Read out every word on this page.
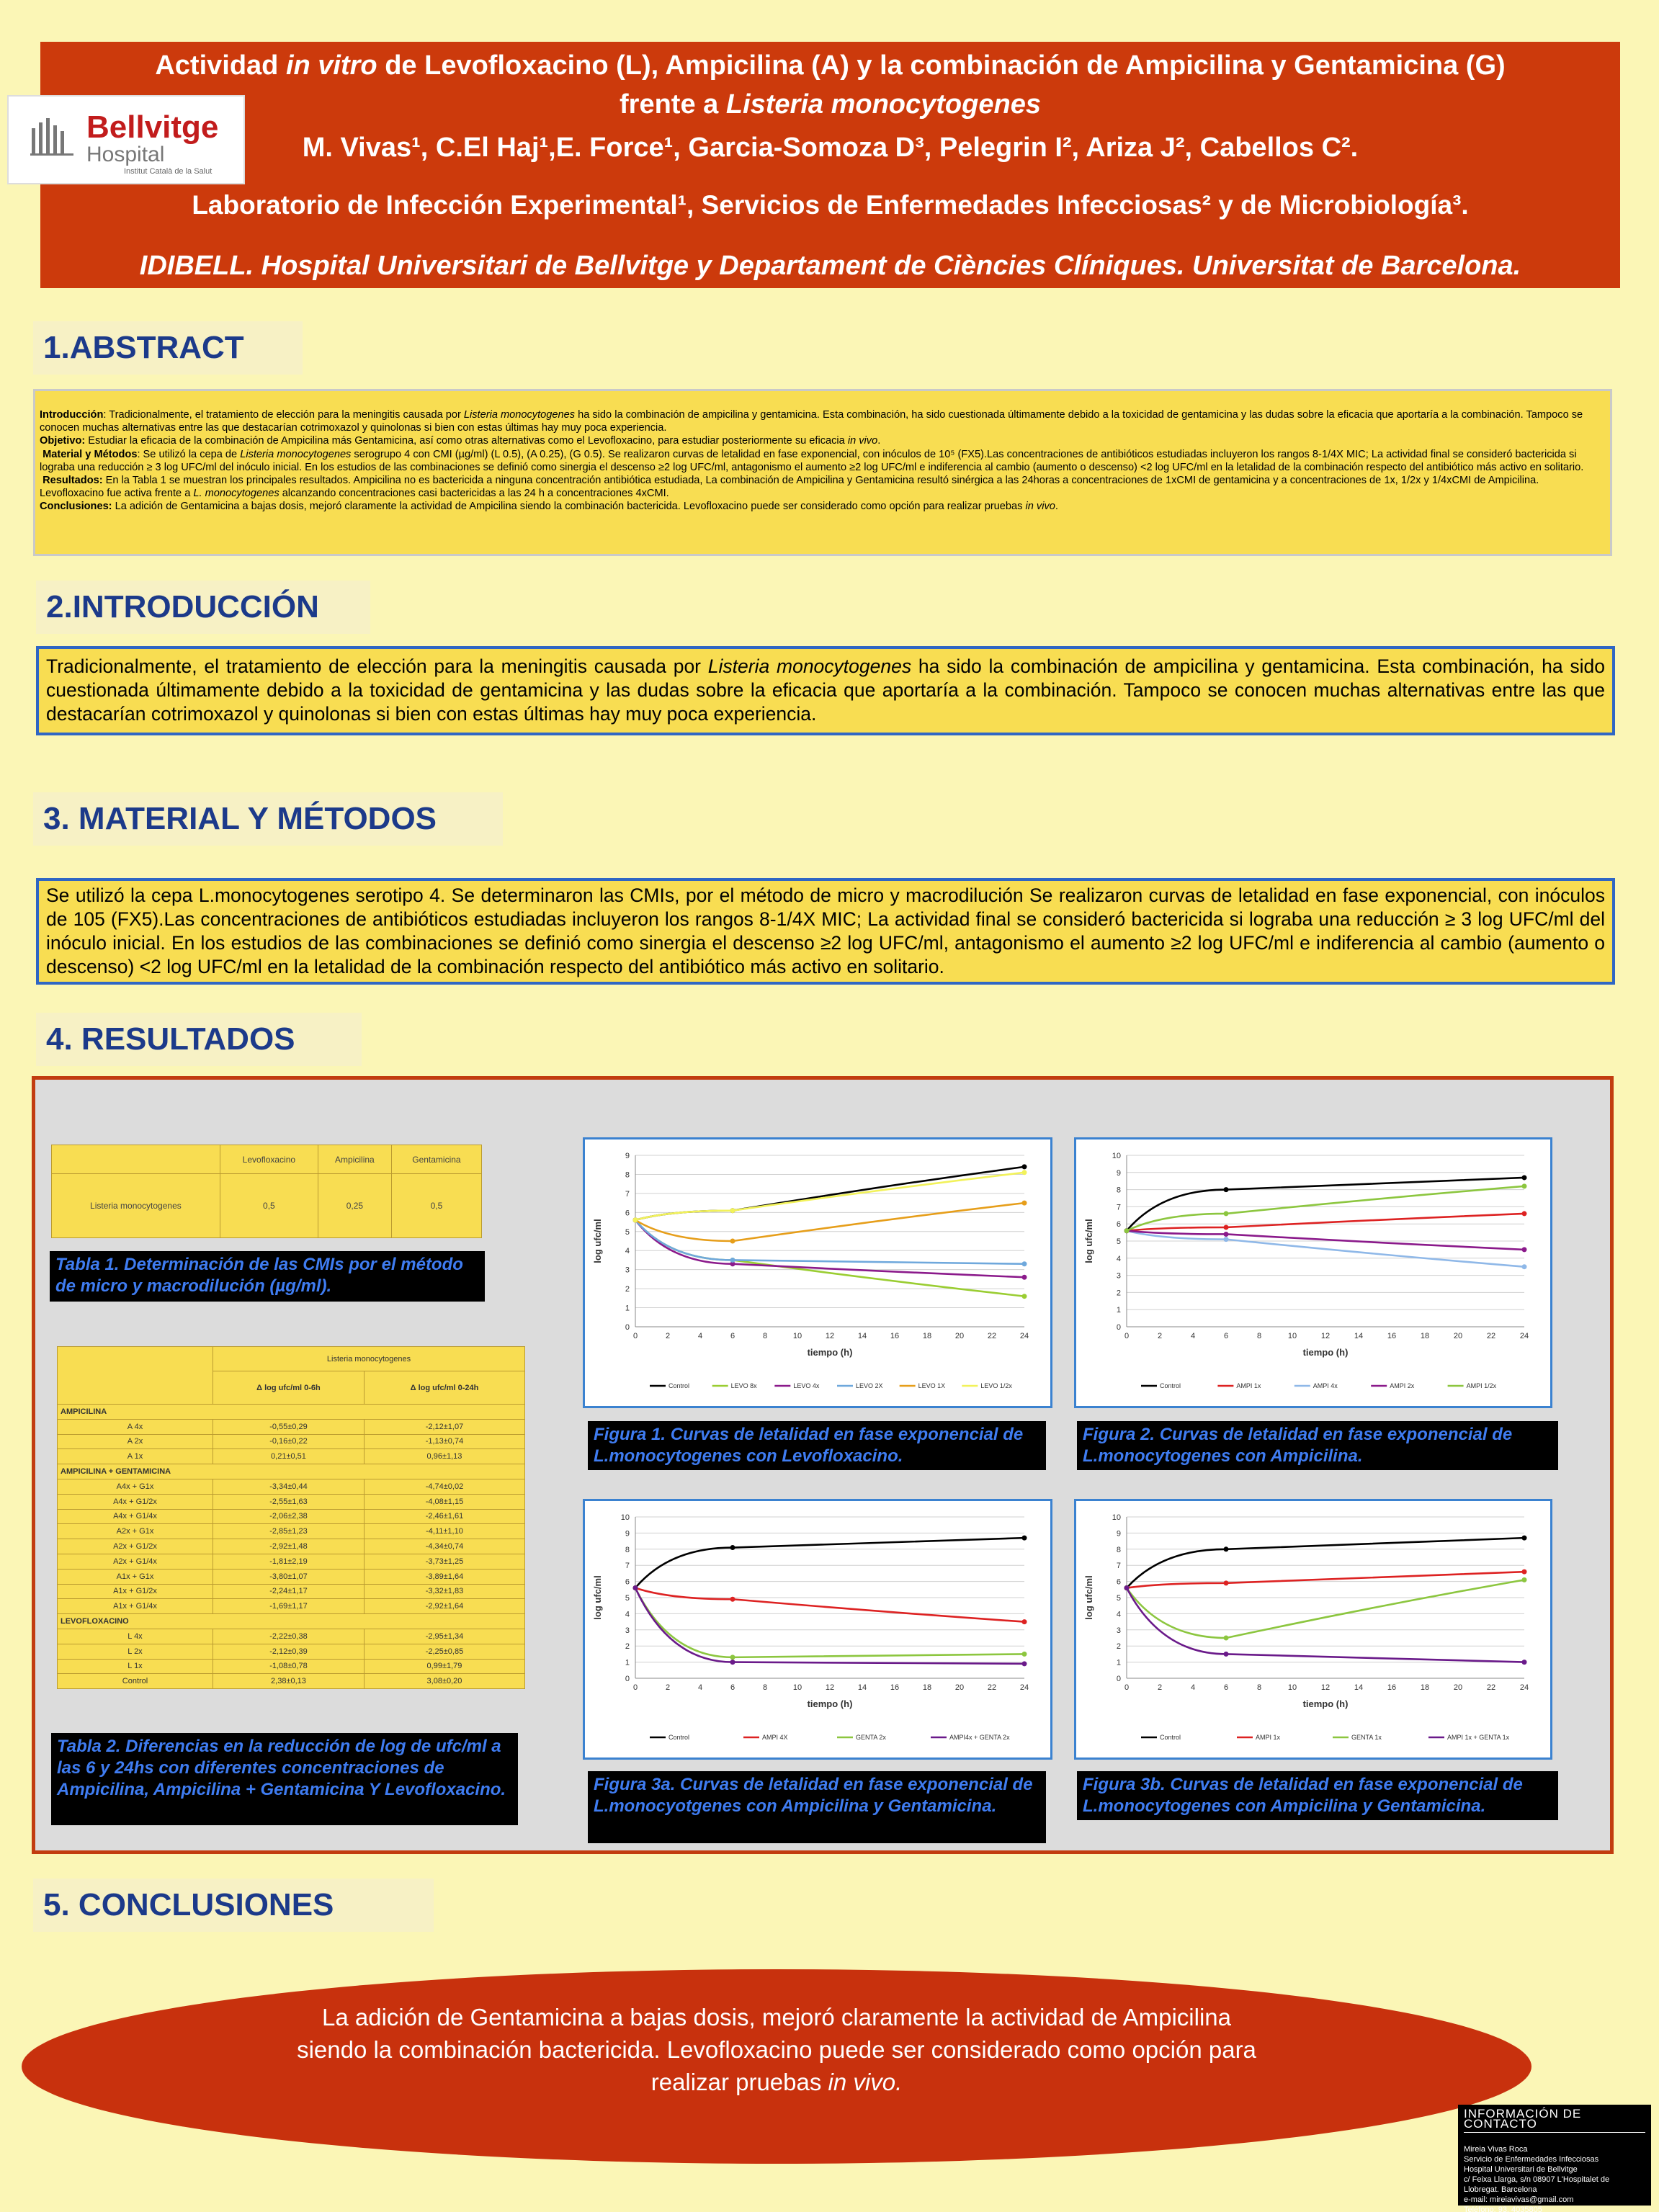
Actividad in vitro de Levofloxacino (L), Ampicilina (A) y la combinación de Ampicilina y Gentamicina (G)
frente a Listeria monocytogenes
M. Vivas¹, C.El Haj¹,E. Force¹, Garcia-Somoza D³, Pelegrin I², Ariza J², Cabellos C².
Laboratorio de Infección Experimental¹, Servicios de Enfermedades Infecciosas² y de Microbiología³.
IDIBELL. Hospital Universitari de Bellvitge y Departament de Ciències Clíniques. Universitat de Barcelona.
Bellvitge
Hospital
Institut Català de la Salut
1.ABSTRACT

Introducción: Tradicionalmente, el tratamiento de elección para la meningitis causada por Listeria monocytogenes ha sido la combinación de ampicilina y gentamicina. Esta combinación, ha sido cuestionada últimamente debido a la toxicidad de gentamicina y las dudas sobre la eficacia que aportaría a la combinación. Tampoco se conocen muchas alternativas entre las que destacarían cotrimoxazol y quinolonas si bien con estas últimas hay muy poca experiencia.

Objetivo: Estudiar la eficacia de la combinación de Ampicilina más Gentamicina, así como otras alternativas como el Levofloxacino, para estudiar posteriormente su eficacia in vivo.

Material y Métodos: Se utilizó la cepa de Listeria monocytogenes serogrupo 4 con CMI (µg/ml) (L 0.5), (A 0.25), (G 0.5). Se realizaron curvas de letalidad en fase exponencial, con inóculos de 10⁵ (FX5).Las concentraciones de antibióticos estudiadas incluyeron los rangos 8-1/4X MIC; La actividad final se consideró bactericida si lograba una reducción ≥ 3 log UFC/ml del inóculo inicial. En los estudios de las combinaciones se definió como sinergia el descenso ≥2 log UFC/ml, antagonismo el aumento ≥2 log UFC/ml e indiferencia al cambio (aumento o descenso) <2 log UFC/ml en la letalidad de la combinación respecto del antibiótico más activo en solitario.

Resultados: En la Tabla 1 se muestran los principales resultados. Ampicilina no es bactericida a ninguna concentración antibiótica estudiada, La combinación de Ampicilina y Gentamicina resultó sinérgica a las 24horas a concentraciones de 1xCMI de gentamicina y a concentraciones de 1x, 1/2x y 1/4xCMI de Ampicilina. Levofloxacino fue activa frente a L. monocytogenes alcanzando concentraciones casi bactericidas a las 24 h a concentraciones 4xCMI.

Conclusiones: La adición de Gentamicina a bajas dosis, mejoró claramente la actividad de Ampicilina siendo la combinación bactericida. Levofloxacino puede ser considerado como opción para realizar pruebas in vivo.

2.INTRODUCCIÓN
Tradicionalmente, el tratamiento de elección para la meningitis causada por Listeria monocytogenes ha sido la combinación de ampicilina y gentamicina. Esta combinación, ha sido cuestionada últimamente debido a la toxicidad de gentamicina y las dudas sobre la eficacia que aportaría a la combinación. Tampoco se conocen muchas alternativas entre las que destacarían cotrimoxazol y quinolonas si bien con estas últimas hay muy poca experiencia.
3. MATERIAL Y MÉTODOS
Se utilizó la cepa L.monocytogenes serotipo 4. Se determinaron las CMIs, por el método de micro y macrodilución Se realizaron curvas de letalidad en fase exponencial, con inóculos de 105 (FX5).Las concentraciones de antibióticos estudiadas incluyeron los rangos 8-1/4X MIC; La actividad final se consideró bactericida si lograba una reducción ≥ 3 log UFC/ml del inóculo inicial. En los estudios de las combinaciones se definió como sinergia el descenso ≥2 log UFC/ml, antagonismo el aumento ≥2 log UFC/ml e indiferencia al cambio (aumento o descenso) <2 log UFC/ml en la letalidad de la combinación respecto del antibiótico más activo en solitario.
4. RESULTADOS
	Levofloxacino	Ampicilina	Gentamicina
Listeria monocytogenes	0,5	0,25	0,5
Tabla 1. Determinación de las CMIs por el método de micro y macrodilución (µg/ml).
	Listeria monocytogenes	
	Δ log ufc/ml 0-6h	Δ log ufc/ml 0-24h
AMPICILINA		
A 4x	-0,55±0,29	-2,12±1,07
A 2x	-0,16±0,22	-1,13±0,74
A 1x	0,21±0,51	0,96±1,13
AMPICILINA + GENTAMICINA		
A4x + G1x	-3,34±0,44	-4,74±0,02
A4x + G1/2x	-2,55±1,63	-4,08±1,15
A4x + G1/4x	-2,06±2,38	-2,46±1,61
A2x + G1x	-2,85±1,23	-4,11±1,10
A2x + G1/2x	-2,92±1,48	-4,34±0,74
A2x + G1/4x	-1,81±2,19	-3,73±1,25
A1x + G1x	-3,80±1,07	-3,89±1,64
A1x + G1/2x	-2,24±1,17	-3,32±1,83
A1x + G1/4x	-1,69±1,17	-2,92±1,64
LEVOFLOXACINO		
L 4x	-2,22±0,38	-2,95±1,34
L 2x	-2,12±0,39	-2,25±0,85
L 1x	-1,08±0,78	0,99±1,79
Control	2,38±0,13	3,08±0,20
Tabla 2. Diferencias en la reducción de log de ufc/ml a las 6 y 24hs con diferentes concentraciones de Ampicilina, Ampicilina + Gentamicina Y Levofloxacino.
0
1
2
3
4
5
6
7
8
9
0	2	4	6	8	10	12	14	16	18	20	22	24
tiempo (h)
log ufc/ml
Control	LEVO 8x	LEVO 4x	LEVO 2X	LEVO 1X	LEVO 1/2x
0
1
2
3
4
5
6
7
8
9
10
0	2	4	6	8	10	12	14	16	18	20	22	24
tiempo (h)
log ufc/ml
Control	AMPI 1x	AMPI 4x	AMPI 2x	AMPI 1/2x
0
1
2
3
4
5
6
7
8
9
10
0	2	4	6	8	10	12	14	16	18	20	22	24
tiempo (h)
log ufc/ml
Control	AMPI 4X	GENTA 2x	AMPI4x + GENTA 2x
0
1
2
3
4
5
6
7
8
9
10
0	2	4	6	8	10	12	14	16	18	20	22	24
tiempo (h)
log ufc/ml
Control	AMPI 1x	GENTA 1x	AMPI 1x + GENTA 1x
Figura 1. Curvas de letalidad en fase exponencial de L.monocytogenes con Levofloxacino.
Figura 2. Curvas de letalidad en fase exponencial de L.monocytogenes con Ampicilina.
Figura 3a. Curvas de letalidad en fase exponencial de L.monocyotgenes con Ampicilina y Gentamicina.
Figura 3b. Curvas de letalidad en fase exponencial de L.monocytogenes con Ampicilina y Gentamicina.
5. CONCLUSIONES
La adición de Gentamicina a bajas dosis, mejoró claramente la actividad de Ampicilina siendo la combinación bactericida. Levofloxacino puede ser considerado como opción para realizar pruebas in vivo.
INFORMACIÓN DE CONTACTO
Mireia Vivas Roca
Servicio de Enfermedades Infecciosas
Hospital Universitari de Bellvitge
c/ Feixa Llarga, s/n 08907 L'Hospitalet de
Llobregat. Barcelona
e-mail: mireiavivas@gmail.com
Teléfono: 93. 4035805
